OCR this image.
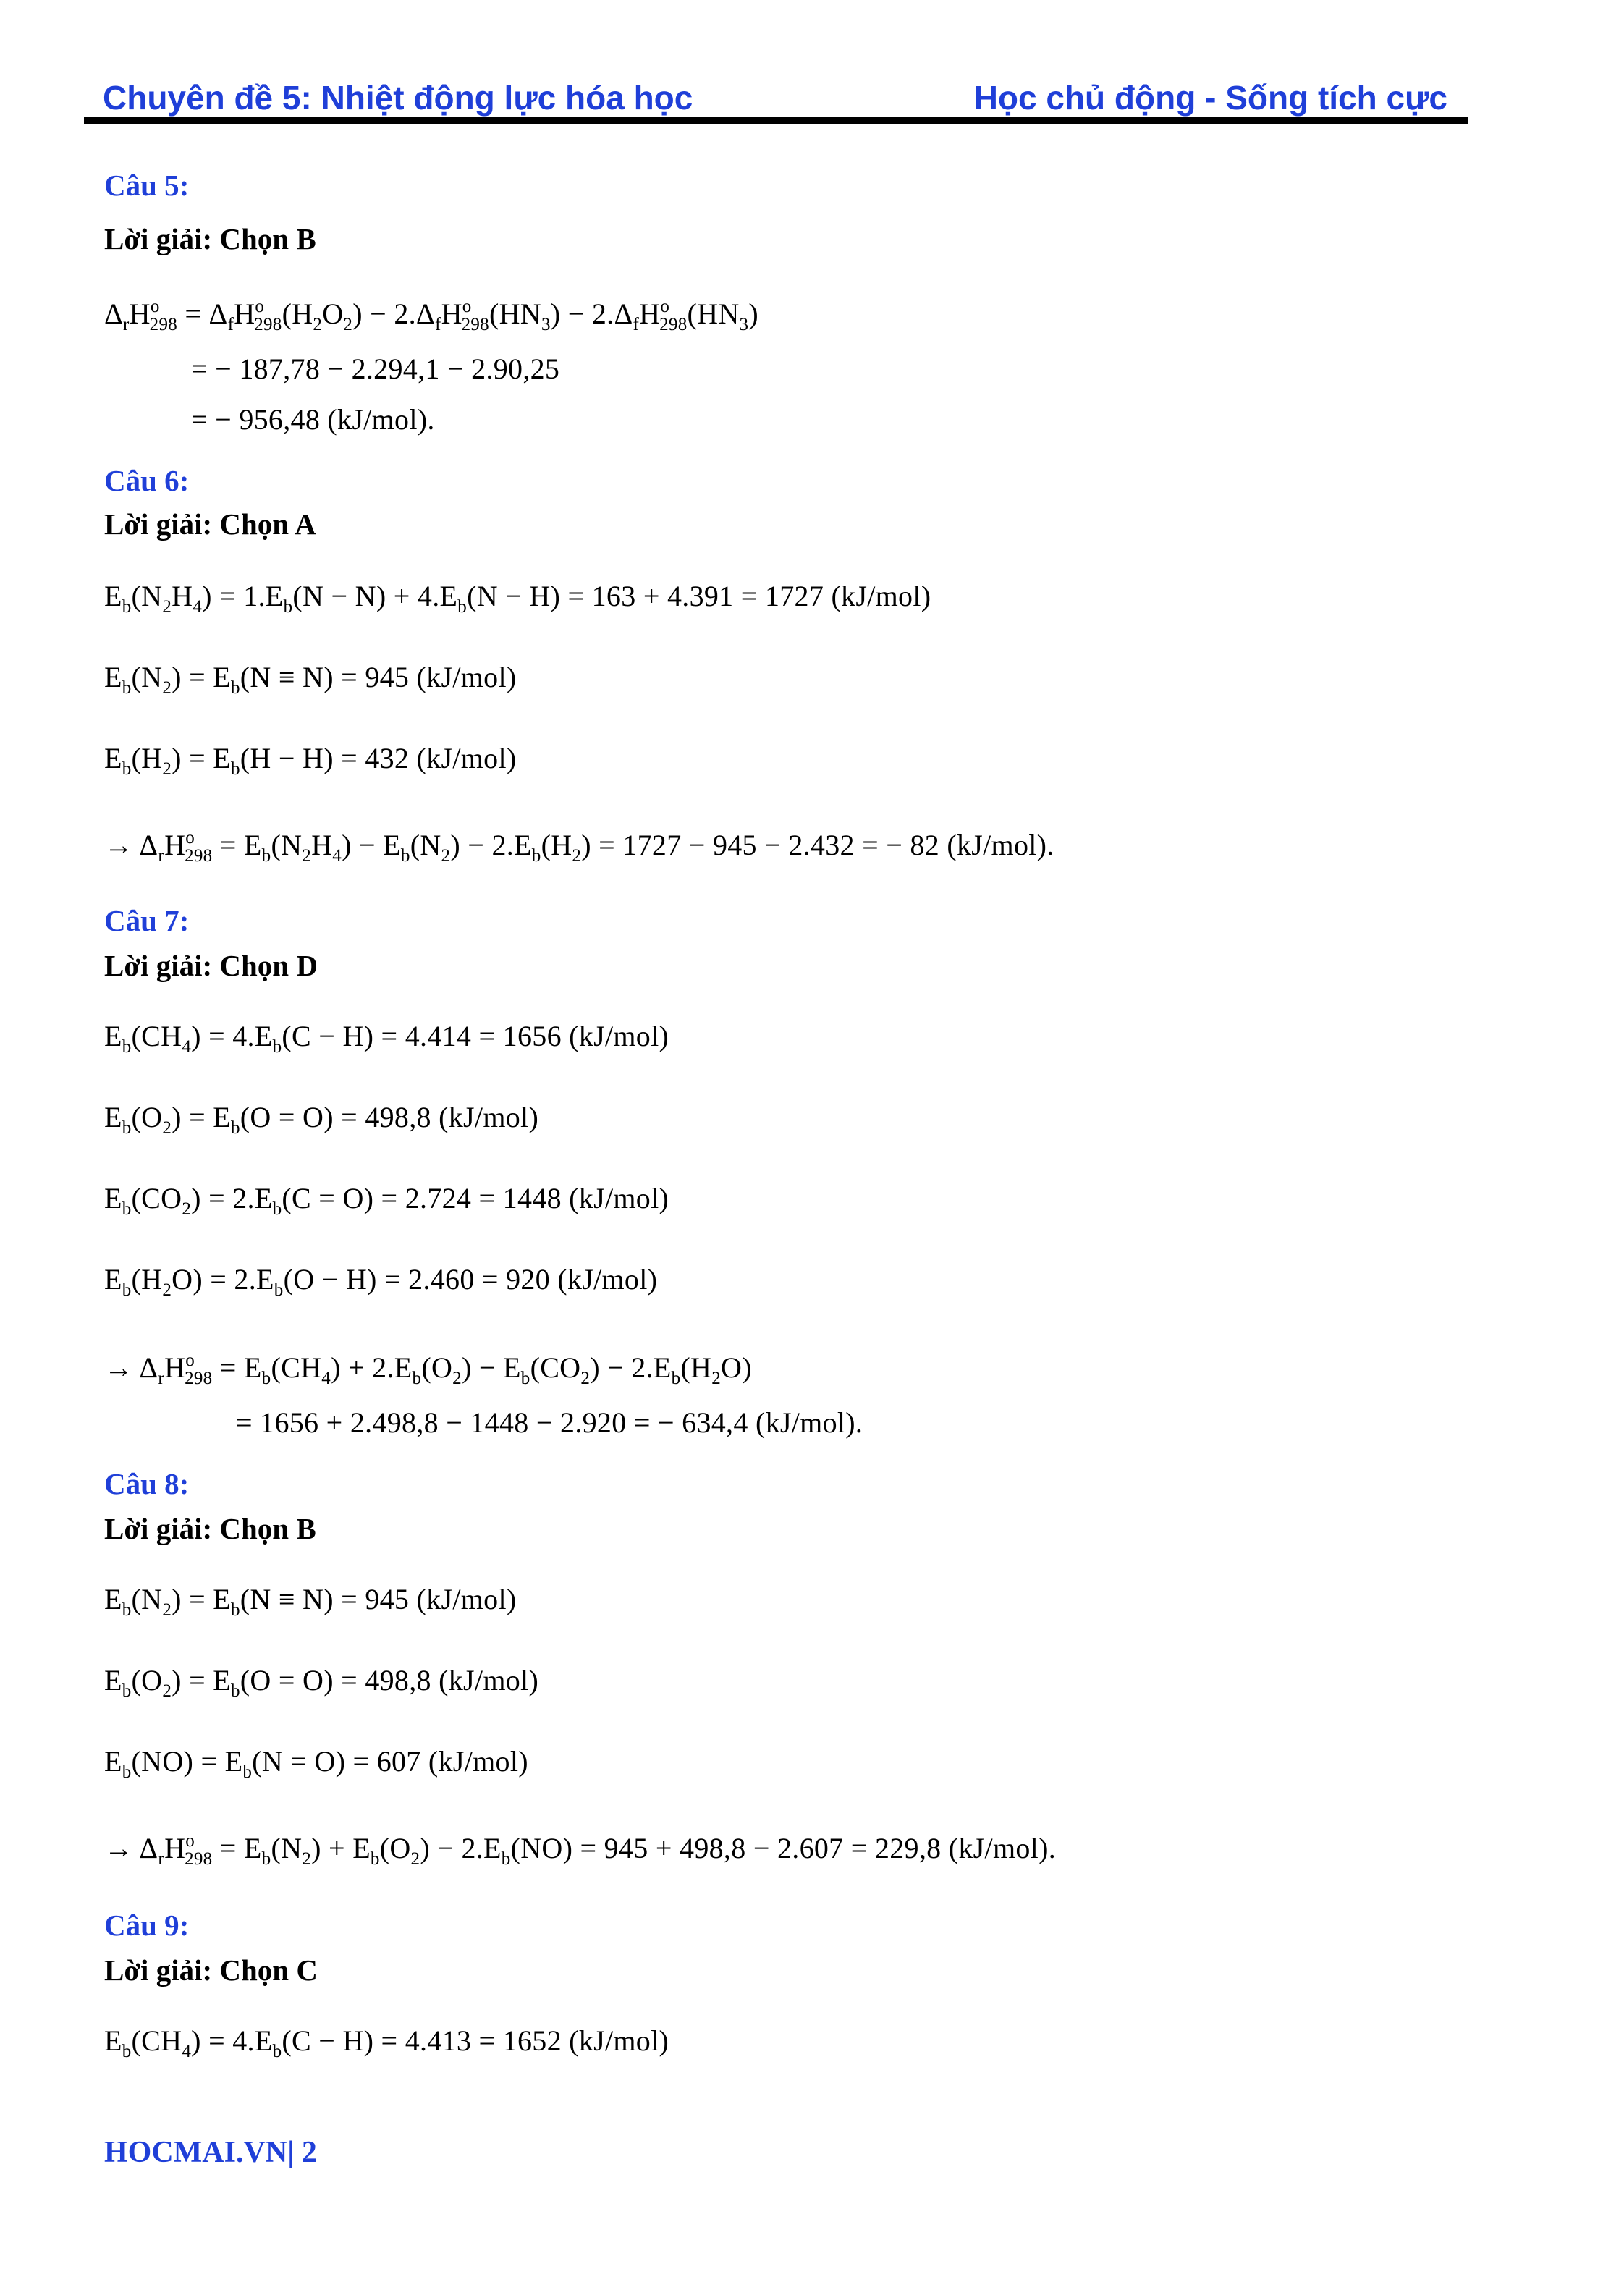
Chuyên đề 5: Nhiệt động lực hóa học	Học chủ động - Sống tích cực
Câu 5:
Lời giải: Chọn B
$\Delta_rH^o_{298} = \Delta_fH^o_{298}(H_2O_2) - 2.\Delta_fH^o_{298}(HN_3) - 2.\Delta_fH^o_{298}(HN_3)$
= − 187,78 − 2.294,1 − 2.90,25
= − 956,48 (kJ/mol).
Câu 6:
Lời giải: Chọn A
$E_b(N_2H_4) = 1.E_b(N - N) + 4.E_b(N - H) = 163 + 4.391 = 1727$ (kJ/mol)
$E_b(N_2) = E_b(N \equiv N) = 945$ (kJ/mol)
$E_b(H_2) = E_b(H - H) = 432$ (kJ/mol)
→ $\Delta_rH^o_{298} = E_b(N_2H_4) - E_b(N_2) - 2.E_b(H_2) = 1727 - 945 - 2.432$ = − 82 (kJ/mol).
Câu 7:
Lời giải: Chọn D
$E_b(CH_4) = 4.E_b(C - H) = 4.414 = 1656$ (kJ/mol)
$E_b(O_2) = E_b(O = O) = 498,8$ (kJ/mol)
$E_b(CO_2) = 2.E_b(C = O) = 2.724 = 1448$ (kJ/mol)
$E_b(H_2O) = 2.E_b(O - H) = 2.460 = 920$ (kJ/mol)
→ $\Delta_rH^o_{298} = E_b(CH_4) + 2.E_b(O_2) - E_b(CO_2) - 2.E_b(H_2O)$
= 1656 + 2.498,8 − 1448 − 2.920 = − 634,4 (kJ/mol).
Câu 8:
Lời giải: Chọn B
$E_b(N_2) = E_b(N \equiv N) = 945$ (kJ/mol)
$E_b(O_2) = E_b(O = O) = 498,8$ (kJ/mol)
$E_b(NO) = E_b(N = O) = 607$ (kJ/mol)
→ $\Delta_rH^o_{298} = E_b(N_2) + E_b(O_2) - 2.E_b(NO) = 945 + 498,8 - 2.607 = 229,8$ (kJ/mol).
Câu 9:
Lời giải: Chọn C
$E_b(CH_4) = 4.E_b(C - H) = 4.413 = 1652$ (kJ/mol)
HOCMAI.VN| 2
